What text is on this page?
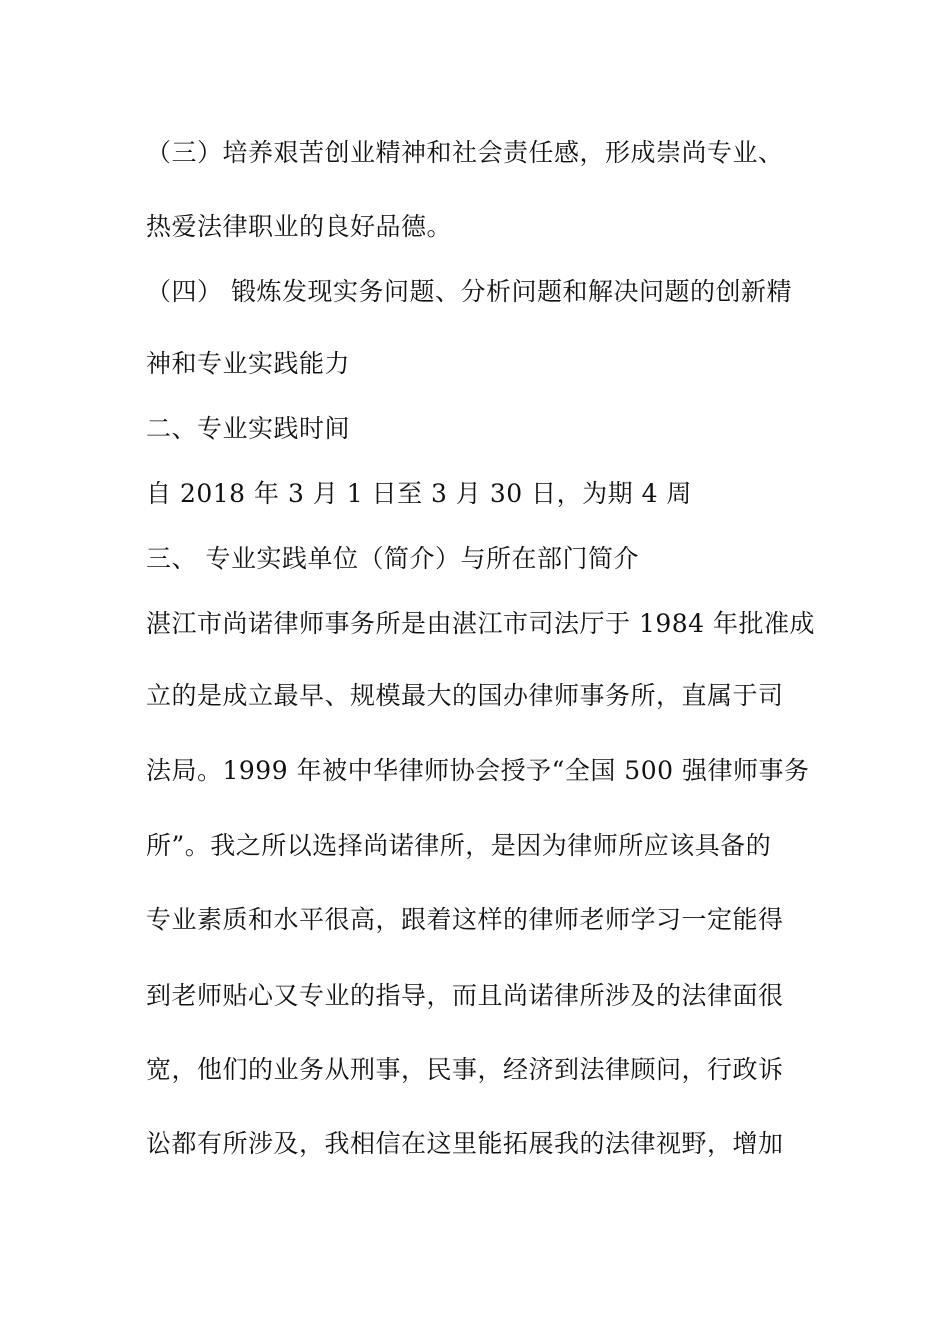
（三）培养艰苦创业精神和社会责任感，形成崇尚专业、
热爱法律职业的良好品德。
（四） 锻炼发现实务问题、分析问题和解决问题的创新精
神和专业实践能力
二、专业实践时间
自 2018 年 3 月 1 日至 3 月 30 日，为期 4 周
三、 专业实践单位（简介）与所在部门简介
湛江市尚诺律师事务所是由湛江市司法厅于 1984 年批准成
立的是成立最早、规模最大的国办律师事务所，直属于司
法局。1999 年被中华律师协会授予“全国 500 强律师事务
所”。我之所以选择尚诺律所，是因为律师所应该具备的
专业素质和水平很高，跟着这样的律师老师学习一定能得
到老师贴心又专业的指导，而且尚诺律所涉及的法律面很
宽，他们的业务从刑事，民事，经济到法律顾问，行政诉
讼都有所涉及，我相信在这里能拓展我的法律视野，增加
